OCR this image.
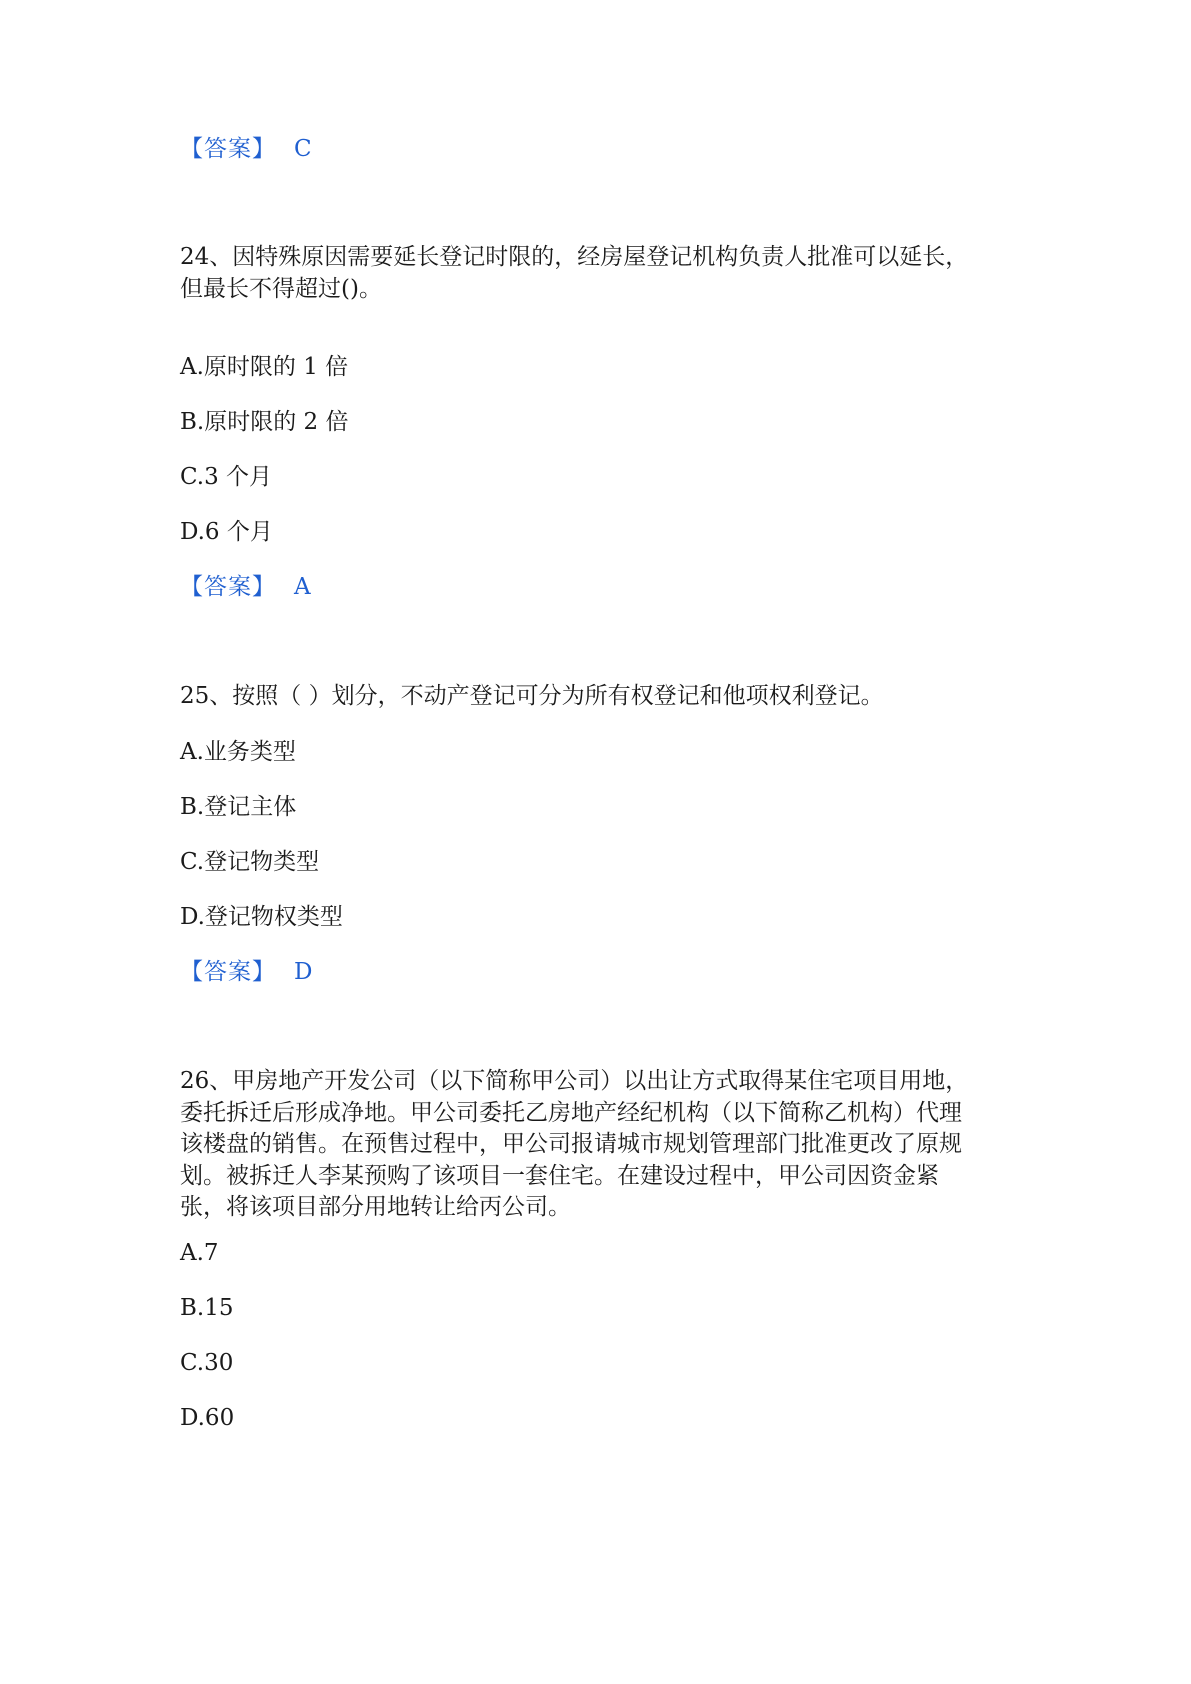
【答案】 C
24、因特殊原因需要延长登记时限的，经房屋登记机构负责人批准可以延长，
但最长不得超过()。
A.原时限的 1 倍
B.原时限的 2 倍
C.3 个月
D.6 个月
【答案】 A
25、按照（ ）划分，不动产登记可分为所有权登记和他项权利登记。
A.业务类型
B.登记主体
C.登记物类型
D.登记物权类型
【答案】 D
26、甲房地产开发公司（以下简称甲公司）以出让方式取得某住宅项目用地，
委托拆迁后形成净地。甲公司委托乙房地产经纪机构（以下简称乙机构）代理
该楼盘的销售。在预售过程中，甲公司报请城市规划管理部门批准更改了原规
划。被拆迁人李某预购了该项目一套住宅。在建设过程中，甲公司因资金紧
张，将该项目部分用地转让给丙公司。
A.7
B.15
C.30
D.60
